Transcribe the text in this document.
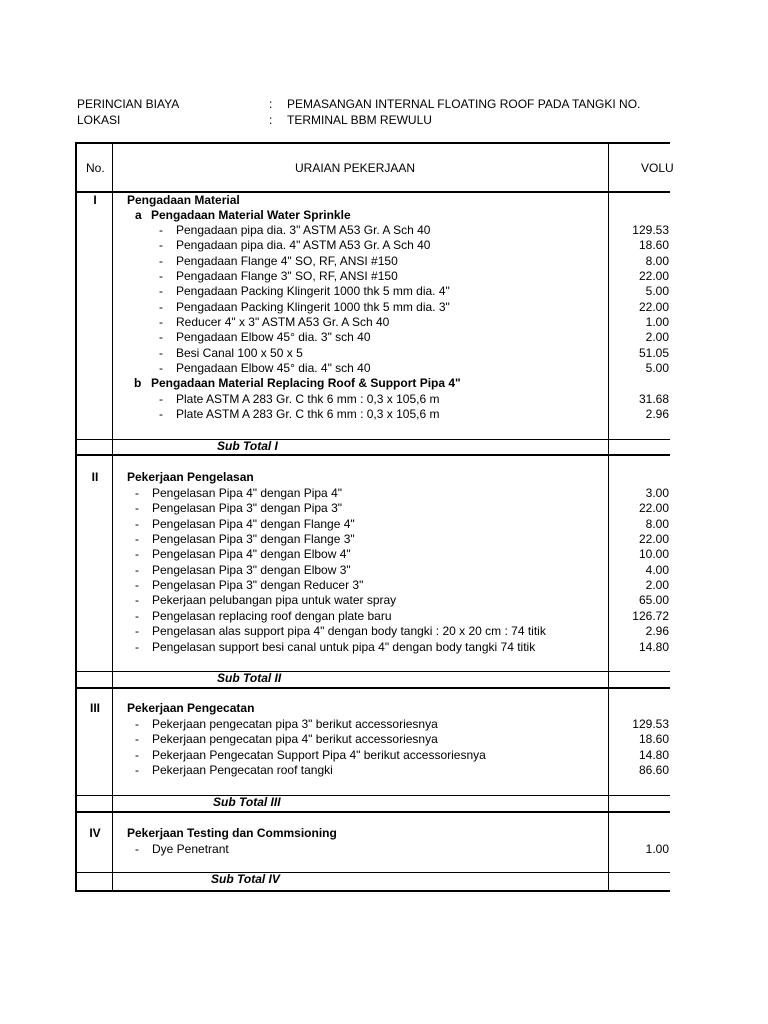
PERINCIAN BIAYA	: PEMASANGAN INTERNAL FLOATING ROOF PADA TANGKI NO.
LOKASI	: TERMINAL BBM REWULU
No.	URAIAN PEKERJAAN	VOLU
I	Pengadaan Material
a Pengadaan Material Water Sprinkle
- Pengadaan pipa dia. 3" ASTM A53 Gr. A Sch 40	129.53
- Pengadaan pipa dia. 4" ASTM A53 Gr. A Sch 40	18.60
- Pengadaan Flange 4" SO, RF, ANSI #150	8.00
- Pengadaan Flange 3" SO, RF, ANSI #150	22.00
- Pengadaan Packing Klingerit 1000 thk 5 mm dia. 4"	5.00
- Pengadaan Packing Klingerit 1000 thk 5 mm dia. 3"	22.00
- Reducer 4" x 3" ASTM A53 Gr. A Sch 40	1.00
- Pengadaan Elbow 45° dia. 3" sch 40	2.00
- Besi Canal 100 x 50 x 5	51.05
- Pengadaan Elbow 45° dia. 4" sch 40	5.00
b Pengadaan Material Replacing Roof & Support Pipa 4"
- Plate ASTM A 283 Gr. C thk 6 mm : 0,3 x 105,6 m	31.68
- Plate ASTM A 283 Gr. C thk 6 mm : 0,3 x 105,6 m	2.96
Sub Total I
II	Pekerjaan Pengelasan
- Pengelasan Pipa 4" dengan Pipa 4"	3.00
- Pengelasan Pipa 3" dengan Pipa 3"	22.00
- Pengelasan Pipa 4" dengan Flange 4"	8.00
- Pengelasan Pipa 3" dengan Flange 3"	22.00
- Pengelasan Pipa 4" dengan Elbow 4"	10.00
- Pengelasan Pipa 3" dengan Elbow 3"	4.00
- Pengelasan Pipa 3" dengan Reducer 3"	2.00
- Pekerjaan pelubangan pipa untuk water spray	65.00
- Pengelasan replacing roof dengan plate baru	126.72
- Pengelasan alas support pipa 4" dengan body tangki : 20 x 20 cm : 74 titik	2.96
- Pengelasan support besi canal untuk pipa 4" dengan body tangki 74 titik	14.80
Sub Total II
III	Pekerjaan Pengecatan
- Pekerjaan pengecatan pipa 3" berikut accessoriesnya	129.53
- Pekerjaan pengecatan pipa 4" berikut accessoriesnya	18.60
- Pekerjaan Pengecatan Support Pipa 4" berikut accessoriesnya	14.80
- Pekerjaan Pengecatan roof tangki	86.60
Sub Total III
IV	Pekerjaan Testing dan Commsioning
- Dye Penetrant	1.00
Sub Total IV
